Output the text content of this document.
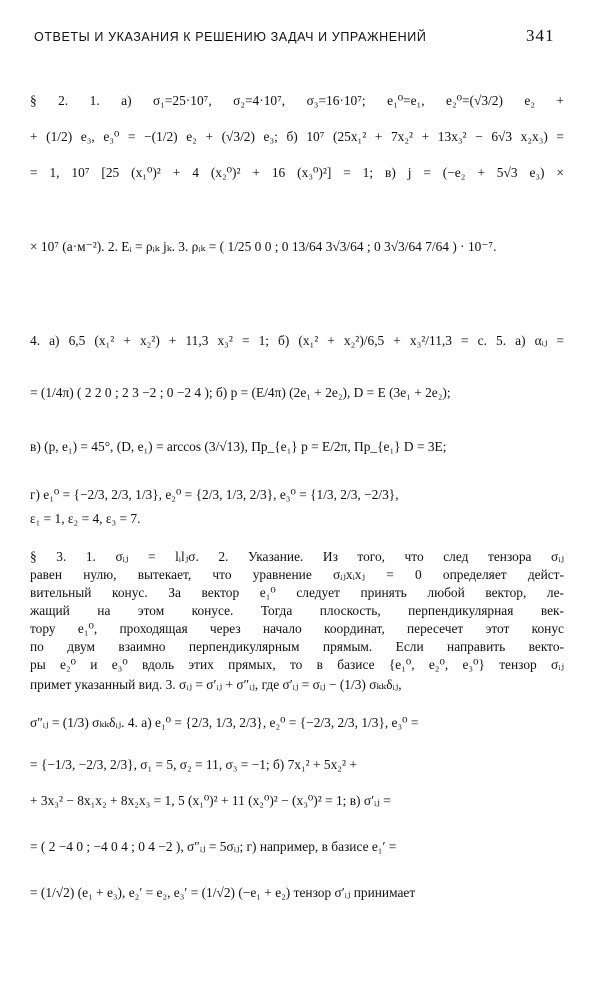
ОТВЕТЫ И УКАЗАНИЯ К РЕШЕНИЮ ЗАДАЧ И УПРАЖНЕНИЙ	341
§ 2. 1. а) σ₁=25·10⁷, σ₂=4·10⁷, σ₃=16·10⁷; e₁⁰=e₁, e₂⁰=(√3/2) e₂ +
+ (1/2) e₃, e₃⁰ = −(1/2) e₂ + (√3/2) e₃; б) 10⁷ (25x₁² + 7x₂² + 13x₃² − 6√3 x₂x₃) =
= 1, 10⁷ [25 (x₁⁰)² + 4 (x₂⁰)² + 16 (x₃⁰)²] = 1; в) j = (−e₂ + 5√3 e₃) ×
× 10⁷ (а·м⁻²). 2. Eᵢ = ρᵢₖ jₖ. 3. ρᵢₖ = ( 1/25 0 0 ; 0 13/64 3√3/64 ; 0 3√3/64 7/64 ) · 10⁻⁷.
4. а) 6,5 (x₁² + x₂²) + 11,3 x₃² = 1; б) (x₁² + x₂²)/6,5 + x₃²/11,3 = c. 5. а) αᵢⱼ =
= (1/4π) ( 2 2 0 ; 2 3 −2 ; 0 −2 4 ); б) p = (E/4π) (2e₁ + 2e₂), D = E (3e₁ + 2e₂);
в) (p, e₁) = 45°, (D, e₁) = arccos (3/√13), Πp_{e₁} p = E/2π, Πp_{e₁} D = 3E;
г) e₁⁰ = {−2/3, 2/3, 1/3}, e₂⁰ = {2/3, 1/3, 2/3}, e₃⁰ = {1/3, 2/3, −2/3},
ε₁ = 1, ε₂ = 4, ε₃ = 7.
§ 3. 1. σᵢⱼ = lᵢlⱼσ. 2. Указание. Из того, что след тензора σᵢⱼ
равен нулю, вытекает, что уравнение σᵢⱼxᵢxⱼ = 0 определяет дейст-
вительный конус. За вектор e₁⁰ следует принять любой вектор, ле-
жащий на этом конусе. Тогда плоскость, перпендикулярная век-
тору e₁⁰, проходящая через начало координат, пересечет этот конус
по двум взаимно перпендикулярным прямым. Если направить векто-
ры e₂⁰ и e₃⁰ вдоль этих прямых, то в базисе {e₁⁰, e₂⁰, e₃⁰} тензор σᵢⱼ
примет указанный вид. 3. σᵢⱼ = σ′ᵢⱼ + σ″ᵢⱼ, где σ′ᵢⱼ = σᵢⱼ − (1/3) σₖₖδᵢⱼ,
σ″ᵢⱼ = (1/3) σₖₖδᵢⱼ. 4. а) e₁⁰ = {2/3, 1/3, 2/3}, e₂⁰ = {−2/3, 2/3, 1/3}, e₃⁰ =
= {−1/3, −2/3, 2/3}, σ₁ = 5, σ₂ = 11, σ₃ = −1; б) 7x₁² + 5x₂² +
+ 3x₃² − 8x₁x₂ + 8x₂x₃ = 1, 5 (x₁⁰)² + 11 (x₂⁰)² − (x₃⁰)² = 1; в) σ′ᵢⱼ =
= ( 2 −4 0 ; −4 0 4 ; 0 4 −2 ), σ″ᵢⱼ = 5σᵢⱼ; г) например, в базисе e₁′ =
= (1/√2) (e₁ + e₃), e₂′ = e₂, e₃′ = (1/√2) (−e₁ + e₂) тензор σ′ᵢⱼ принимает
